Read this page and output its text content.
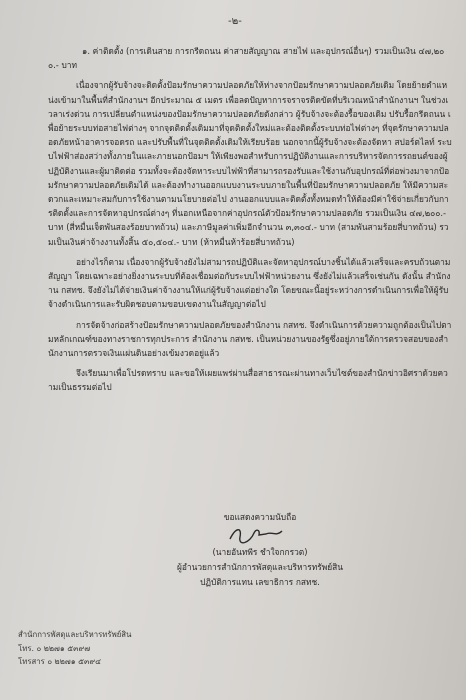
-๒-

๑. ค่าติดตั้ง (การเดินสาย การกรีดถนน ค่าสายสัญญาณ สายไฟ และอุปกรณ์อื่นๆ) รวมเป็นเงิน ๔๗,๒๐๐.- บาท

เนื่องจากผู้รับจ้างจะติดตั้งป้อมรักษาความปลอดภัยให้ห่างจากป้อมรักษาความปลอดภัยเดิม โดยย้ายตำแหน่งเข้ามาในพื้นที่สำนักงานฯ อีกประมาณ ๕ เมตร เพื่อลดปัญหาการจราจรติดขัดที่บริเวณหน้าสำนักงานฯ ในช่วงเวลาเร่งด่วน การเปลี่ยนตำแหน่งของป้อมรักษาความปลอดภัยดังกล่าว ผู้รับจ้างจะต้องรื้อของเดิม ปรับรื้อกรีดถนน เพื่อย้ายระบบท่อสายไฟต่างๆ จากจุดติดตั้งเดิมมาที่จุดติดตั้งใหม่และต้องติดตั้งระบบท่อไฟต่างๆ ที่จุดรักษาความปลอดภัยหน้าอาคารจอดรถ และปรับพื้นที่ในจุดติดตั้งเดิมให้เรียบร้อย นอกจากนี้ผู้รับจ้างจะต้องจัดหา สปอร์ตไลท์ ระบบไฟฟ้าส่องสว่างทั้งภายในและภายนอกป้อมฯ ให้เพียงพอสำหรับการปฏิบัติงานและการบริหารจัดการรถยนต์ของผู้ปฏิบัติงานและผู้มาติดต่อ รวมทั้งจะต้องจัดหาระบบไฟฟ้าที่สามารถรองรับและใช้งานกับอุปกรณ์ที่ต่อพ่วงมาจากป้อมรักษาความปลอดภัยเดิมได้ และต้องทำงานออกแบบงานระบบภายในพื้นที่ป้อมรักษาความปลอดภัย ให้มีความสะดวกและเหมาะสมกับการใช้งานตามนโยบายต่อไป งานออกแบบและติดตั้งทั้งหมดทำให้ต้องมีค่าใช้จ่ายเกี่ยวกับการติดตั้งและการจัดหาอุปกรณ์ต่างๆ ที่นอกเหนือจากค่าอุปกรณ์ตัวป้อมรักษาความปลอดภัย รวมเป็นเงิน ๔๗,๒๐๐.- บาท (สี่หมื่นเจ็ดพันสองร้อยบาทถ้วน) และภาษีมูลค่าเพิ่มอีกจำนวน ๓,๓๐๔.- บาท (สามพันสามร้อยสี่บาทถ้วน) รวมเป็นเงินค่าจ้างงานทั้งสิ้น ๕๐,๕๐๔.- บาท (ห้าหมื่นห้าร้อยสี่บาทถ้วน)

อย่างไรก็ตาม เนื่องจากผู้รับจ้างยังไม่สามารถปฏิบัติและจัดหาอุปกรณ์บางชิ้นได้แล้วเสร็จและครบถ้วนตามสัญญา โดยเฉพาะอย่างยิ่งงานระบบที่ต้องเชื่อมต่อกับระบบไฟฟ้าหน่วยงาน ซึ่งยังไม่แล้วเสร็จเช่นกัน ดังนั้น สำนักงาน กสทช. จึงยังไม่ได้จ่ายเงินค่าจ้างงานให้แก่ผู้รับจ้างแต่อย่างใด โดยขณะนี้อยู่ระหว่างการดำเนินการเพื่อให้ผู้รับจ้างดำเนินการและรับผิดชอบตามขอบเขตงานในสัญญาต่อไป

การจัดจ้างก่อสร้างป้อมรักษาความปลอดภัยของสำนักงาน กสทช. จึงดำเนินการด้วยความถูกต้องเป็นไปตามหลักเกณฑ์ของทางราชการทุกประการ สำนักงาน กสทช. เป็นหน่วยงานของรัฐซึ่งอยู่ภายใต้การตรวจสอบของสำนักงานการตรวจเงินแผ่นดินอย่างเข้มงวดอยู่แล้ว

จึงเรียนมาเพื่อโปรดทราบ และขอให้เผยแพร่ผ่านสื่อสาธารณะผ่านทางเว็บไซต์ของสำนักข่าวอิศราด้วยความเป็นธรรมต่อไป

ขอแสดงความนับถือ
(นายอันทพีร ชำใจกกรวต)
ผู้อำนวยการสำนักการพัสดุและบริหารทรัพย์สิน
ปฏิบัติการแทน เลขาธิการ กสทช.
สำนักการพัสดุและบริหารทรัพย์สิน
โทร. ๐ ๒๒๗๑ ๕๓๙๗
โทรสาร ๐ ๒๒๗๑ ๕๓๙๔
